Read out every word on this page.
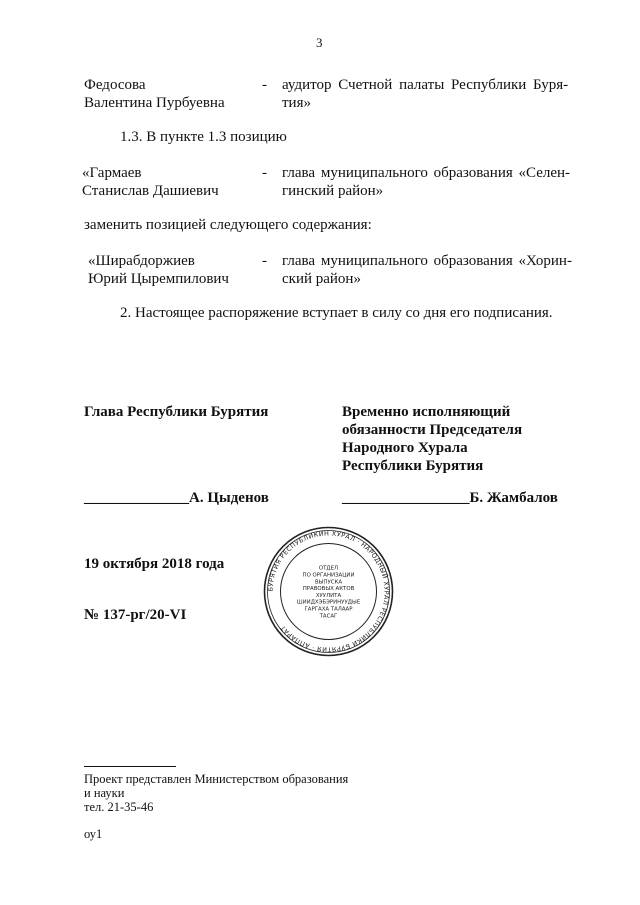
3
Федосова
Валентина Пурбуевна
- аудитор Счетной палаты Республики Буря-
тия»
1.3. В пункте 1.3 позицию
«Гармаев
Станислав Дашиевич
- глава муниципального образования «Селен-
гинский район»
заменить позицией следующего содержания:
«Ширабдоржиев
Юрий Цыремпилович
- глава муниципального образования «Хорин-
ский район»
2. Настоящее распоряжение вступает в силу со дня его подписания.
Глава Республики Бурятия	Временно исполняющий
обязанности Председателя
Народного Хурала
Республики Бурятия
______________А. Цыденов	_________________Б. Жамбалов
19 октября 2018 года
№ 137-рг/20-VI
БУРЯТИЯ РЕСПУБЛИКИН ХУРАЛ · НАРОДНЫЙ ХУРАЛ РЕСПУБЛИКИ БУРЯТИЯ · АППАРАТ
ОТДЕЛ
ПО ОРГАНИЗАЦИИ
ВЫПУСКА
ПРАВОВЫХ АКТОВ
ХУУЛИТА
ШИИДХЭБЭРИНУУДЫЕ
ГАРГАХА ТАЛААР
ТАСАГ
Проект представлен Министерством образования
и науки
тел. 21-35-46
оу1
